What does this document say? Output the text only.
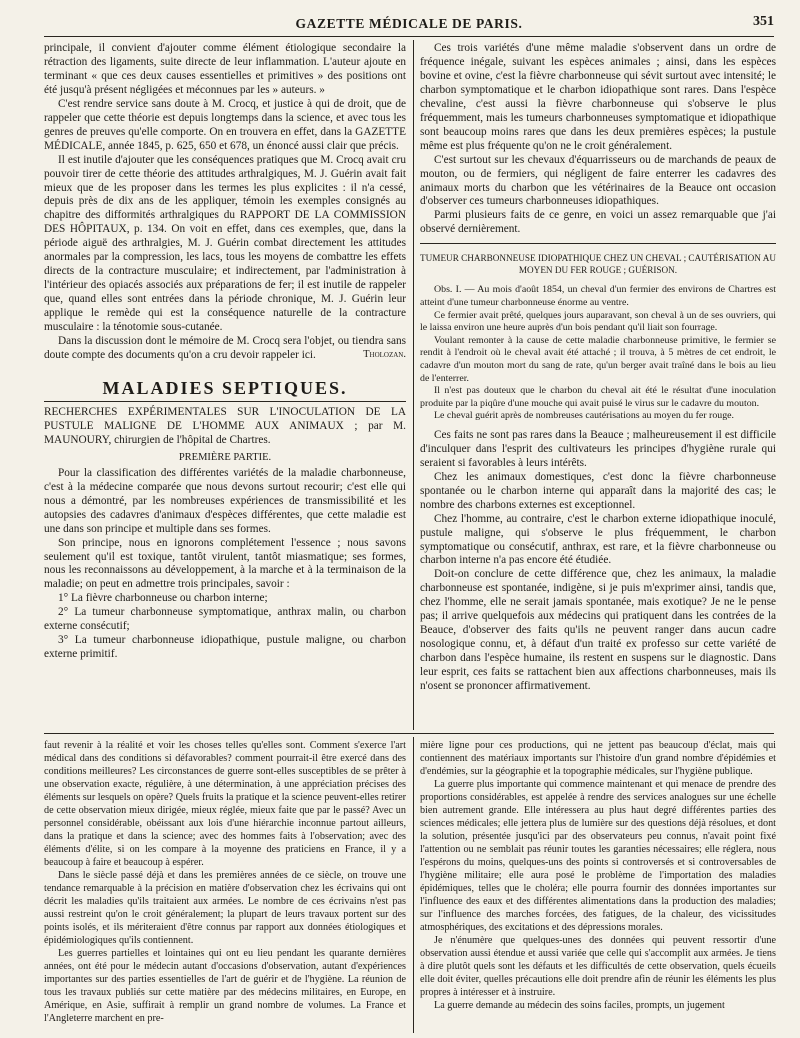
GAZETTE MÉDICALE DE PARIS.	351

principale, il convient d'ajouter comme élément étiologique secondaire la rétraction des ligaments, suite directe de leur inflammation. L'auteur ajoute en terminant « que ces deux causes essentielles et primitives » des positions ont été jusqu'à présent négligées et méconnues par les » auteurs. »

C'est rendre service sans doute à M. Crocq, et justice à qui de droit, que de rappeler que cette théorie est depuis longtemps dans la science, et avec tous les genres de preuves qu'elle comporte. On en trouvera en effet, dans la GAZETTE MÉDICALE, année 1845, p. 625, 650 et 678, un énoncé aussi clair que précis.

Il est inutile d'ajouter que les conséquences pratiques que M. Crocq avait cru pouvoir tirer de cette théorie des attitudes arthralgiques, M. J. Guérin avait fait mieux que de les proposer dans les termes les plus explicites : il n'a cessé, depuis près de dix ans de les appliquer, témoin les exemples consignés au chapitre des difformités arthralgiques du RAPPORT DE LA COMMISSION DES HÔPITAUX, p. 134. On voit en effet, dans ces exemples, que, dans la période aiguë des arthralgies, M. J. Guérin combat directement les attitudes anormales par la compression, les lacs, tous les moyens de combattre les effets directs de la contracture musculaire; et indirectement, par l'administration à l'intérieur des opiacés associés aux préparations de fer; il est inutile de rappeler que, quand elles sont entrées dans la période chronique, M. J. Guérin leur applique le remède qui est la conséquence naturelle de la contracture musculaire : la ténotomie sous-cutanée.

Dans la discussion dont le mémoire de M. Crocq sera l'objet, ou tiendra sans doute compte des documents qu'on a cru devoir rappeler ici.	Tholozan.
MALADIES SEPTIQUES.

RECHERCHES EXPÉRIMENTALES SUR L'INOCULATION DE LA PUSTULE MALIGNE DE L'HOMME AUX ANIMAUX ; par M. MAUNOURY, chirurgien de l'hôpital de Chartres.

PREMIÈRE PARTIE.

Pour la classification des différentes variétés de la maladie charbonneuse, c'est à la médecine comparée que nous devons surtout recourir; c'est elle qui nous a démontré, par les nombreuses expériences de transmissibilité et les autopsies des cadavres d'animaux d'espèces différentes, que cette maladie est une dans son principe et multiple dans ses formes.

Son principe, nous en ignorons complétement l'essence ; nous savons seulement qu'il est toxique, tantôt virulent, tantôt miasmatique; ses formes, nous les reconnaissons au développement, à la marche et à la terminaison de la maladie; on peut en admettre trois principales, savoir :

1° La fièvre charbonneuse ou charbon interne;

2° La tumeur charbonneuse symptomatique, anthrax malin, ou charbon externe consécutif;

3° La tumeur charbonneuse idiopathique, pustule maligne, ou charbon externe primitif.

Ces trois variétés d'une même maladie s'observent dans un ordre de fréquence inégale, suivant les espèces animales ; ainsi, dans les espèces bovine et ovine, c'est la fièvre charbonneuse qui sévit surtout avec intensité; le charbon symptomatique et le charbon idiopathique sont rares. Dans l'espèce chevaline, c'est aussi la fièvre charbonneuse qui s'observe le plus fréquemment, mais les tumeurs charbonneuses symptomatique et idiopathique sont beaucoup moins rares que dans les deux premières espèces; la pustule même est plus fréquente qu'on ne le croit généralement.

C'est surtout sur les chevaux d'équarrisseurs ou de marchands de peaux de mouton, ou de fermiers, qui négligent de faire enterrer les cadavres des animaux morts du charbon que les vétérinaires de la Beauce ont occasion d'observer ces tumeurs charbonneuses idiopathiques.

Parmi plusieurs faits de ce genre, en voici un assez remarquable que j'ai observé dernièrement.

TUMEUR CHARBONNEUSE IDIOPATHIQUE CHEZ UN CHEVAL ; CAUTÉRISATION AU MOYEN DU FER ROUGE ; GUÉRISON.

Obs. I. — Au mois d'août 1854, un cheval d'un fermier des environs de Chartres est atteint d'une tumeur charbonneuse énorme au ventre.

Ce fermier avait prêté, quelques jours auparavant, son cheval à un de ses ouvriers, qui le laissa environ une heure auprès d'un bois pendant qu'il liait son fourrage.

Voulant remonter à la cause de cette maladie charbonneuse primitive, le fermier se rendit à l'endroit où le cheval avait été attaché ; il trouva, à 5 mètres de cet endroit, le cadavre d'un mouton mort du sang de rate, qu'un berger avait traîné dans le bois au lieu de l'enterrer.

Il n'est pas douteux que le charbon du cheval ait été le résultat d'une inoculation produite par la piqûre d'une mouche qui avait puisé le virus sur le cadavre du mouton.

Le cheval guérit après de nombreuses cautérisations au moyen du fer rouge.

Ces faits ne sont pas rares dans la Beauce ; malheureusement il est difficile d'inculquer dans l'esprit des cultivateurs les principes d'hygiène rurale qui seraient si favorables à leurs intérêts.

Chez les animaux domestiques, c'est donc la fièvre charbonneuse spontanée ou le charbon interne qui apparaît dans la majorité des cas; le nombre des charbons externes est exceptionnel.

Chez l'homme, au contraire, c'est le charbon externe idiopathique inoculé, pustule maligne, qui s'observe le plus fréquemment, le charbon symptomatique ou consécutif, anthrax, est rare, et la fièvre charbonneuse ou charbon interne n'a pas encore été étudiée.

Doit-on conclure de cette différence que, chez les animaux, la maladie charbonneuse est spontanée, indigène, si je puis m'exprimer ainsi, tandis que, chez l'homme, elle ne serait jamais spontanée, mais exotique? Je ne le pense pas; il arrive quelquefois aux médecins qui pratiquent dans les contrées de la Beauce, d'observer des faits qu'ils ne peuvent ranger dans aucun cadre nosologique connu, et, à défaut d'un traité ex professo sur cette variété de charbon dans l'espèce humaine, ils restent en suspens sur le diagnostic. Dans leur esprit, ces faits se rattachent bien aux affections charbonneuses, mais ils n'osent se prononcer affirmativement.

faut revenir à la réalité et voir les choses telles qu'elles sont. Comment s'exerce l'art médical dans des conditions si défavorables? comment pourrait-il être exercé dans des conditions meilleures? Les circonstances de guerre sont-elles susceptibles de se prêter à une observation exacte, régulière, à une détermination, à une appréciation précises des éléments sur lesquels on opère? Quels fruits la pratique et la science peuvent-elles retirer de cette observation mieux dirigée, mieux réglée, mieux faite que par le passé? Avec un personnel considérable, obéissant aux lois d'une hiérarchie inconnue partout ailleurs, dans la pratique et dans la science; avec des hommes faits à l'observation; avec des éléments d'élite, si on les compare à la moyenne des praticiens en France, il y a beaucoup à faire et beaucoup à espérer.

Dans le siècle passé déjà et dans les premières années de ce siècle, on trouve une tendance remarquable à la précision en matière d'observation chez les écrivains qui ont décrit les maladies qu'ils traitaient aux armées. Le nombre de ces écrivains n'est pas aussi restreint qu'on le croit généralement; la plupart de leurs travaux portent sur des points isolés, et ils mériteraient d'être connus par rapport aux données étiologiques et épidémiologiques qu'ils contiennent.

Les guerres partielles et lointaines qui ont eu lieu pendant les quarante dernières années, ont été pour le médecin autant d'occasions d'observation, autant d'expériences importantes sur des parties essentielles de l'art de guérir et de l'hygiène. La réunion de tous les travaux publiés sur cette matière par des médecins militaires, en Europe, en Amérique, en Asie, suffirait à remplir un grand nombre de volumes. La France et l'Angleterre marchent en pre-

mière ligne pour ces productions, qui ne jettent pas beaucoup d'éclat, mais qui contiennent des matériaux importants sur l'histoire d'un grand nombre d'épidémies et d'endémies, sur la géographie et la topographie médicales, sur l'hygiène publique.

La guerre plus importante qui commence maintenant et qui menace de prendre des proportions considérables, est appelée à rendre des services analogues sur une échelle bien autrement grande. Elle intéressera au plus haut degré différentes parties des sciences médicales; elle jettera plus de lumière sur des questions déjà résolues, et dont la solution, présentée jusqu'ici par des observateurs peu connus, n'avait point fixé l'attention ou ne semblait pas réunir toutes les garanties nécessaires; elle réglera, nous l'espérons du moins, quelques-uns des points si controversés et si controversables de l'hygiène militaire; elle aura posé le problème de l'importation des maladies épidémiques, telles que le choléra; elle pourra fournir des données importantes sur l'influence des eaux et des différentes alimentations dans la production des maladies; sur l'influence des marches forcées, des fatigues, de la chaleur, des vicissitudes atmosphériques, des excitations et des dépressions morales.

Je n'énumère que quelques-unes des données qui peuvent ressortir d'une observation aussi étendue et aussi variée que celle qui s'accomplit aux armées. Je tiens à dire plutôt quels sont les défauts et les difficultés de cette observation, quels écueils elle doit éviter, quelles précautions elle doit prendre afin de réunir les éléments les plus propres à intéresser et à instruire.

La guerre demande au médecin des soins faciles, prompts, un jugement
